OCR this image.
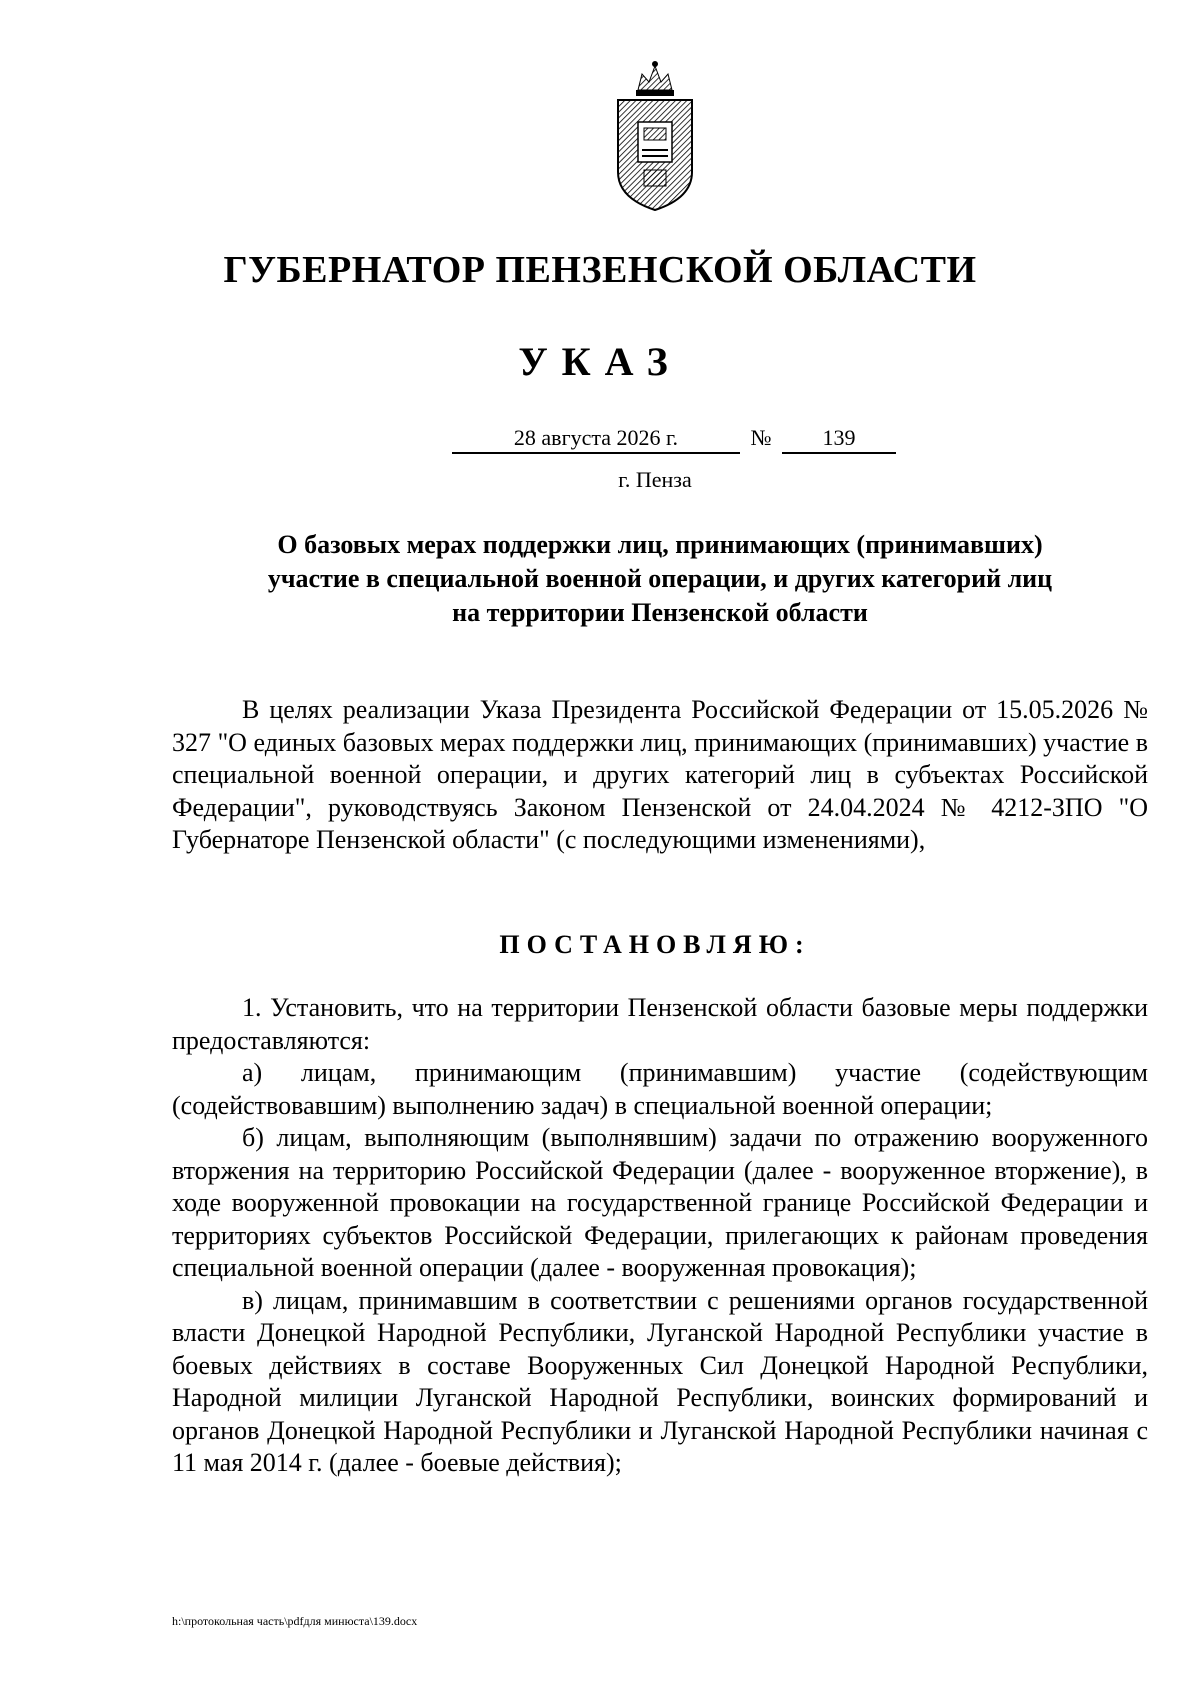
ГУБЕРНАТОР ПЕНЗЕНСКОЙ ОБЛАСТИ
УКАЗ
28 августа 2026 г.	№	139
г. Пенза
О базовых мерах поддержки лиц, принимающих (принимавших)
участие в специальной военной операции, и других категорий лиц
на территории Пензенской области

В целях реализации Указа Президента Российской Федерации от 15.05.2026 № 327 "О единых базовых мерах поддержки лиц, принимающих (принимавших) участие в специальной военной операции, и других категорий лиц в субъектах Российской Федерации", руководствуясь Законом Пензенской от 24.04.2024 № 4212-ЗПО "О Губернаторе Пензенской области" (с последующими изменениями),

ПОСТАНОВЛЯЮ:

1. Установить, что на территории Пензенской области базовые меры поддержки предоставляются:

а) лицам, принимающим (принимавшим) участие (содействующим (содействовавшим) выполнению задач) в специальной военной операции;

б) лицам, выполняющим (выполнявшим) задачи по отражению вооруженного вторжения на территорию Российской Федерации (далее - вооруженное вторжение), в ходе вооруженной провокации на государственной границе Российской Федерации и территориях субъектов Российской Федерации, прилегающих к районам проведения специальной военной операции (далее - вооруженная провокация);

в) лицам, принимавшим в соответствии с решениями органов государственной власти Донецкой Народной Республики, Луганской Народной Республики участие в боевых действиях в составе Вооруженных Сил Донецкой Народной Республики, Народной милиции Луганской Народной Республики, воинских формирований и органов Донецкой Народной Республики и Луганской Народной Республики начиная с 11 мая 2014 г. (далее - боевые действия);

h:\протокольная часть\pdfдля минюста\139.docx
